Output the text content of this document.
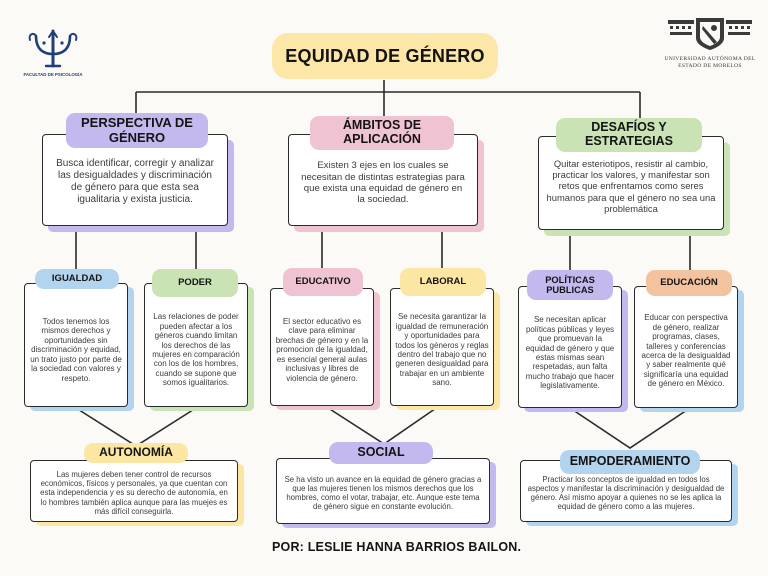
FACULTAD DE PSICOLOGÍA
UNIVERSIDAD AUTÓNOMA DEL
ESTADO DE MORELOS
EQUIDAD DE GÉNERO
Busca identificar, corregir y analizar las desigualdades y discriminación de género para que esta sea igualitaria y exista justicia.
PERSPECTIVA DE GÉNERO
Todos tenemos los mismos derechos y oportunidades sin discriminación y equidad, un trato justo por parte de la sociedad con valores y respeto.
IGUALDAD
Las relaciones de poder pueden afectar a los géneros cuando limitan los derechos de las mujeres en comparación con los de los hombres, cuando se supone que somos igualitarios.
PODER
Las mujeres deben tener control de recursos económicos, físicos y personales, ya que cuentan con esta independencia y es su derecho de autonomía, en lo hombres también aplica aunque para las muejes es más difícil conseguirla.
AUTONOMÍA
Existen 3 ejes en los cuales se necesitan de distintas estrategias para que exista una equidad de género en la sociedad.
ÁMBITOS DE APLICACIÓN
El sector educativo es clave para eliminar brechas de género y en la promocion de la igualdad, es esencial general aulas inclusivas y libres de violencia de género.
EDUCATIVO
Se necesita garantizar la igualdad de remuneración y oportunidades para todos los géneros y reglas dentro del trabajo que no generen desigualdad para trabajar en un ambiente sano.
LABORAL
Se ha visto un avance en la equidad de género gracias a que las mujeres tienen los mismos derechos que los hombres, como el votar, trabajar, etc. Aunque este tema de género sigue en constante evolución.
SOCIAL
Quitar esteriotipos, resistir al cambio, practicar los valores, y manifestar son retos que enfrentamos como seres humanos para que el género no sea una problemática
DESAFÍOS Y ESTRATEGIAS
Se necesitan aplicar políticas públicas y leyes que promuevan la equidad de género y que estas mismas sean respetadas, aun falta mucho trabajo que hacer legislativamente.
POLÍTICAS PUBLICAS
Educar con perspectiva de género, realizar programas, clases, talleres y conferencias acerca de la desigualdad y saber realmente qué significaría una equidad de género en México.
EDUCACIÓN
Practicar los conceptos de igualdad en todos los aspectos y manifestar la discriminación y desigualdad de género. Así mismo apoyar a quienes no se les aplica la equidad de género como a las mujeres.
EMPODERAMIENTO
POR: LESLIE HANNA BARRIOS BAILON.
